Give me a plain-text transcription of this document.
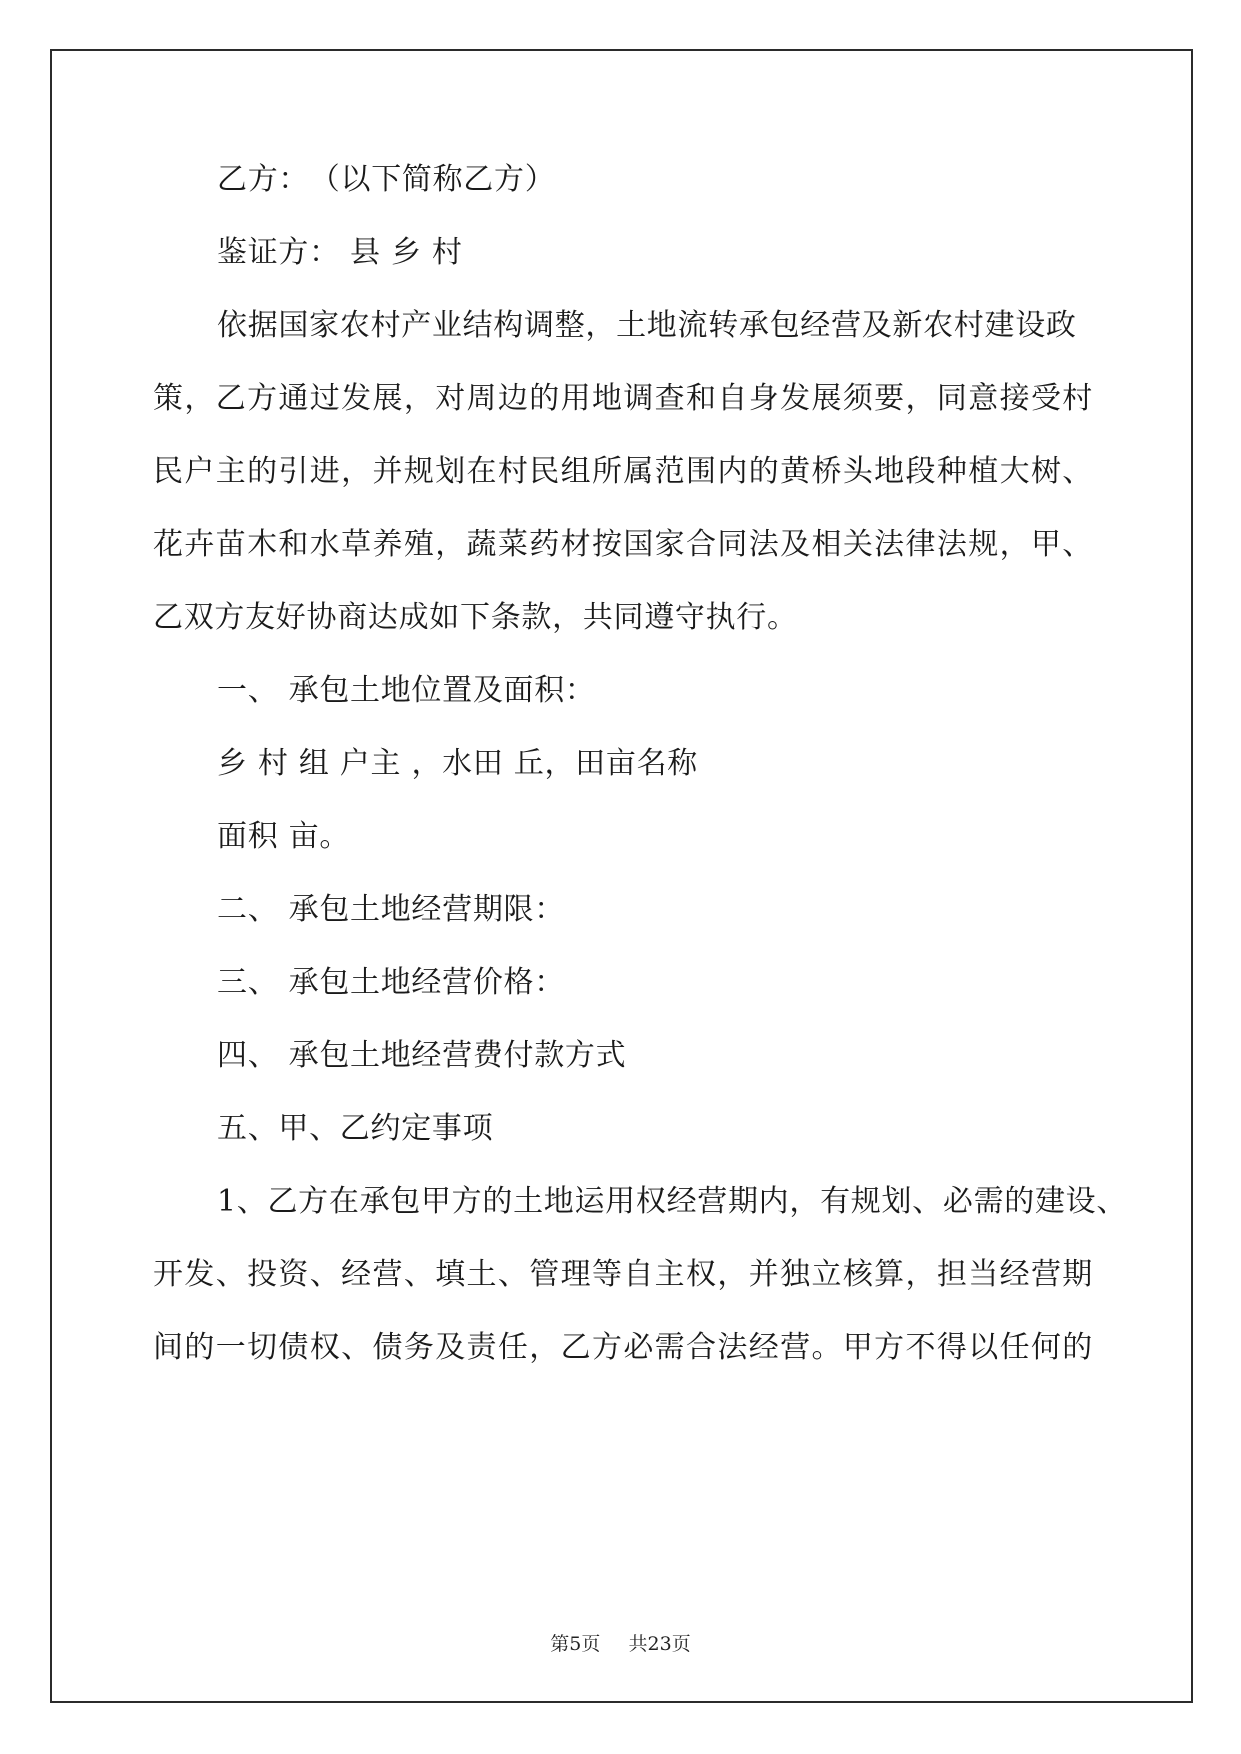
乙方：　（以下简称乙方）
鉴证方： 县 乡 村
依据国家农村产业结构调整，土地流转承包经营及新农村建设政
策，乙方通过发展，对周边的用地调查和自身发展须要，同意接受村
民户主的引进，并规划在村民组所属范围内的黄桥头地段种植大树、
花卉苗木和水草养殖，蔬菜药材按国家合同法及相关法律法规，甲、
乙双方友好协商达成如下条款，共同遵守执行。
一、 承包土地位置及面积：
乡 村 组 户主 ，水田 丘，田亩名称
面积 亩。
二、 承包土地经营期限：
三、 承包土地经营价格：
四、 承包土地经营费付款方式
五、甲、乙约定事项
1、乙方在承包甲方的土地运用权经营期内，有规划、必需的建设、
开发、投资、经营、填土、管理等自主权，并独立核算，担当经营期
间的一切债权、债务及责任，乙方必需合法经营。甲方不得以任何的
第5页 共23页
